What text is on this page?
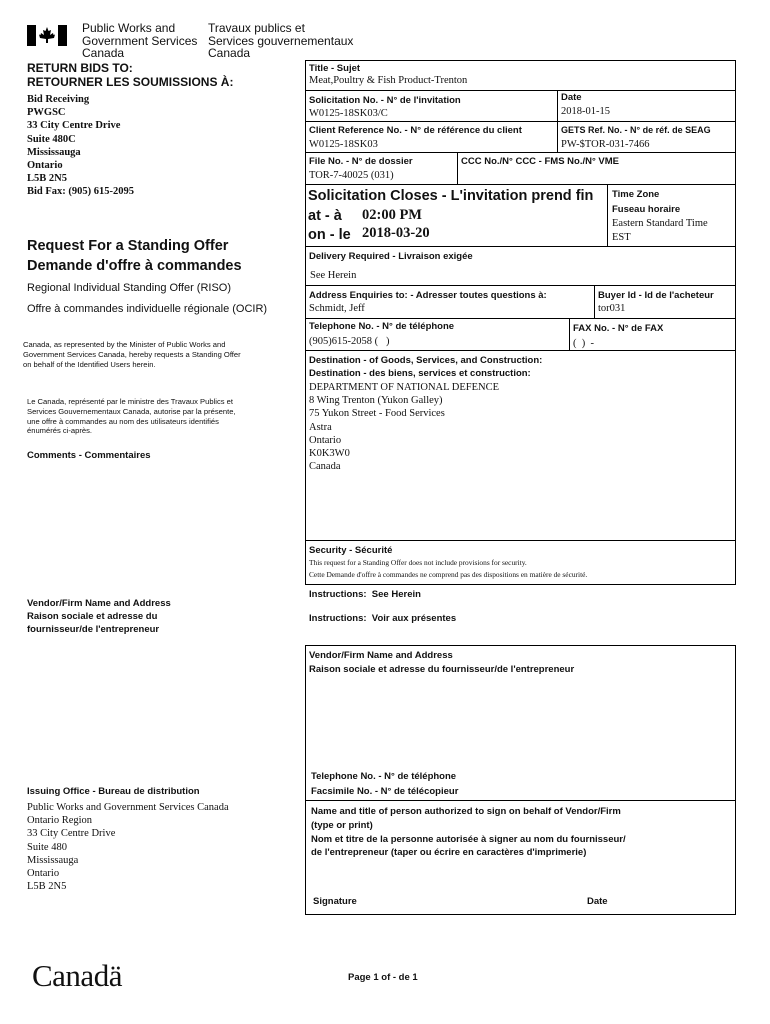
Public Works and
Government Services
Canada
Travaux publics et
Services gouvernementaux
Canada
RETURN BIDS TO:
RETOURNER LES SOUMISSIONS À:
Bid Receiving
PWGSC
33 City Centre Drive
Suite 480C
Mississauga
Ontario
L5B 2N5
Bid Fax: (905) 615-2095
Request For a Standing Offer
Demande d'offre à commandes
Regional Individual Standing Offer (RISO)
Offre à commandes individuelle régionale (OCIR)
Canada, as represented by the Minister of Public Works and
Government Services Canada, hereby requests a Standing Offer
on behalf of the Identified Users herein.
Le Canada, représenté par le ministre des Travaux Publics et
Services Gouvernementaux Canada, autorise par la présente,
une offre à commandes au nom des utilisateurs identifiés
énumérés ci-après.
Comments - Commentaires
Vendor/Firm Name and Address
Raison sociale et adresse du
fournisseur/de l'entrepreneur
Issuing Office - Bureau de distribution
Public Works and Government Services Canada
Ontario Region
33 City Centre Drive
Suite 480
Mississauga
Ontario
L5B 2N5
Title - Sujet
Meat,Poultry & Fish Product-Trenton
Solicitation No. - N° de l'invitation
W0125-18SK03/C
Date
2018-01-15
Client Reference No. - N° de référence du client
W0125-18SK03
GETS Ref. No. - N° de réf. de SEAG
PW-$TOR-031-7466
File No. - N° de dossier
TOR-7-40025 (031)
CCC No./N° CCC - FMS No./N° VME
Solicitation Closes - L'invitation prend fin
at - à 02:00 PM
on - le 2018-03-20
Time Zone
Fuseau horaire
Eastern Standard Time
EST
Delivery Required - Livraison exigée
See Herein
Address Enquiries to: - Adresser toutes questions à:
Schmidt, Jeff
Buyer Id - Id de l'acheteur
tor031
Telephone No. - N° de téléphone
(905)615-2058 (   )
FAX No. - N° de FAX
(  )  -
Destination - of Goods, Services, and Construction:
Destination - des biens, services et construction:
DEPARTMENT OF NATIONAL DEFENCE
8 Wing Trenton (Yukon Galley)
75 Yukon Street - Food Services
Astra
Ontario
K0K3W0
Canada
Security - Sécurité
This request for a Standing Offer does not include provisions for security.
Cette Demande d'offre à commandes ne comprend pas des dispositions en matière de sécurité.
Instructions:  See Herein
Instructions:  Voir aux présentes
Vendor/Firm Name and Address
Raison sociale et adresse du fournisseur/de l'entrepreneur
Telephone No. - N° de téléphone
Facsimile No. - N° de télécopieur
Name and title of person authorized to sign on behalf of Vendor/Firm
(type or print)
Nom et titre de la personne autorisée à signer au nom du fournisseur/
de l'entrepreneur (taper ou écrire en caractères d'imprimerie)
Signature	Date
Canadä	Page 1 of - de 1
